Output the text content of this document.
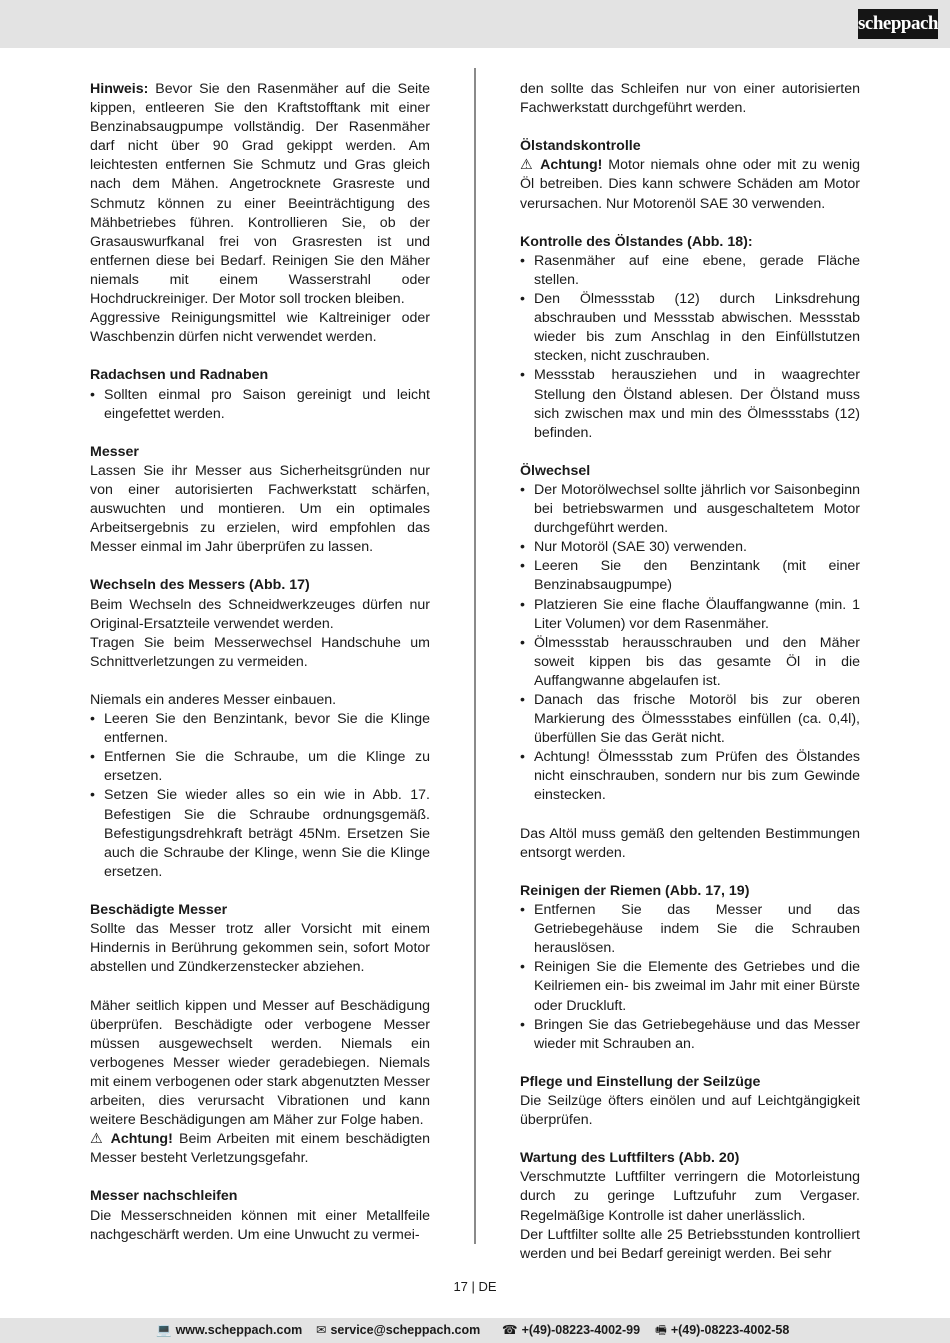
scheppach

Hinweis: Bevor Sie den Rasenmäher auf die Seite kippen, entleeren Sie den Kraftstofftank mit einer Benzinabsaugpumpe vollständig. Der Rasenmäher darf nicht über 90 Grad gekippt werden. Am leichtesten entfernen Sie Schmutz und Gras gleich nach dem Mähen. Angetrocknete Grasreste und Schmutz können zu einer Beeinträchtigung des Mähbetriebes führen. Kontrollieren Sie, ob der Grasauswurfkanal frei von Grasresten ist und entfernen diese bei Bedarf. Reinigen Sie den Mäher niemals mit einem Wasserstrahl oder Hochdruckreiniger. Der Motor soll trocken bleiben.

Aggressive Reinigungsmittel wie Kaltreiniger oder Waschbenzin dürfen nicht verwendet werden.

Radachsen und Radnaben
• Sollten einmal pro Saison gereinigt und leicht eingefettet werden.
Messer

Lassen Sie ihr Messer aus Sicherheitsgründen nur von einer autorisierten Fachwerkstatt schärfen, auswuchten und montieren. Um ein optimales Arbeitsergebnis zu erzielen, wird empfohlen das Messer einmal im Jahr überprüfen zu lassen.

Wechseln des Messers (Abb. 17)

Beim Wechseln des Schneidwerkzeuges dürfen nur Original-Ersatzteile verwendet werden.

Tragen Sie beim Messerwechsel Handschuhe um Schnittverletzungen zu vermeiden.

Niemals ein anderes Messer einbauen.

• Leeren Sie den Benzintank, bevor Sie die Klinge entfernen.
• Entfernen Sie die Schraube, um die Klinge zu ersetzen.
• Setzen Sie wieder alles so ein wie in Abb. 17. Befestigen Sie die Schraube ordnungsgemäß. Befestigungsdrehkraft beträgt 45Nm. Ersetzen Sie auch die Schraube der Klinge, wenn Sie die Klinge ersetzen.
Beschädigte Messer

Sollte das Messer trotz aller Vorsicht mit einem Hindernis in Berührung gekommen sein, sofort Motor abstellen und Zündkerzenstecker abziehen.

Mäher seitlich kippen und Messer auf Beschädigung überprüfen. Beschädigte oder verbogene Messer müssen ausgewechselt werden. Niemals ein verbogenes Messer wieder geradebiegen. Niemals mit einem verbogenen oder stark abgenutzten Messer arbeiten, dies verursacht Vibrationen und kann weitere Beschädigungen am Mäher zur Folge haben.

⚠ Achtung! Beim Arbeiten mit einem beschädigten Messer besteht Verletzungsgefahr.

Messer nachschleifen

Die Messerschneiden können mit einer Metallfeile nachgeschärft werden. Um eine Unwucht zu vermei-

den sollte das Schleifen nur von einer autorisierten Fachwerkstatt durchgeführt werden.

Ölstandskontrolle

⚠ Achtung! Motor niemals ohne oder mit zu wenig Öl betreiben. Dies kann schwere Schäden am Motor verursachen. Nur Motorenöl SAE 30 verwenden.

Kontrolle des Ölstandes (Abb. 18):
• Rasenmäher auf eine ebene, gerade Fläche stellen.
• Den Ölmessstab (12) durch Linksdrehung abschrauben und Messstab abwischen. Messstab wieder bis zum Anschlag in den Einfüllstutzen stecken, nicht zuschrauben.
• Messstab herausziehen und in waagrechter Stellung den Ölstand ablesen. Der Ölstand muss sich zwischen max und min des Ölmessstabs (12) befinden.
Ölwechsel
• Der Motorölwechsel sollte jährlich vor Saisonbeginn bei betriebswarmen und ausgeschaltetem Motor durchgeführt werden.
• Nur Motoröl (SAE 30) verwenden.
• Leeren Sie den Benzintank (mit einer Benzinabsaugpumpe)
• Platzieren Sie eine flache Ölauffangwanne (min. 1 Liter Volumen) vor dem Rasenmäher.
• Ölmessstab herausschrauben und den Mäher soweit kippen bis das gesamte Öl in die Auffangwanne abgelaufen ist.
• Danach das frische Motoröl bis zur oberen Markierung des Ölmessstabes einfüllen (ca. 0,4l), überfüllen Sie das Gerät nicht.
• Achtung! Ölmessstab zum Prüfen des Ölstandes nicht einschrauben, sondern nur bis zum Gewinde einstecken.

Das Altöl muss gemäß den geltenden Bestimmungen entsorgt werden.

Reinigen der Riemen (Abb. 17, 19)
• Entfernen Sie das Messer und das Getriebegehäuse indem Sie die Schrauben herauslösen.
• Reinigen Sie die Elemente des Getriebes und die Keilriemen ein- bis zweimal im Jahr mit einer Bürste oder Druckluft.
• Bringen Sie das Getriebegehäuse und das Messer wieder mit Schrauben an.
Pflege und Einstellung der Seilzüge

Die Seilzüge öfters einölen und auf Leichtgängigkeit überprüfen.

Wartung des Luftfilters (Abb. 20)

Verschmutzte Luftfilter verringern die Motorleistung durch zu geringe Luftzufuhr zum Vergaser. Regelmäßige Kontrolle ist daher unerlässlich.

Der Luftfilter sollte alle 25 Betriebsstunden kontrolliert werden und bei Bedarf gereinigt werden. Bei sehr

17 | DE
💻 www.scheppach.com ✉ service@scheppach.com ☎ +(49)-08223-4002-99 🖷 +(49)-08223-4002-58
